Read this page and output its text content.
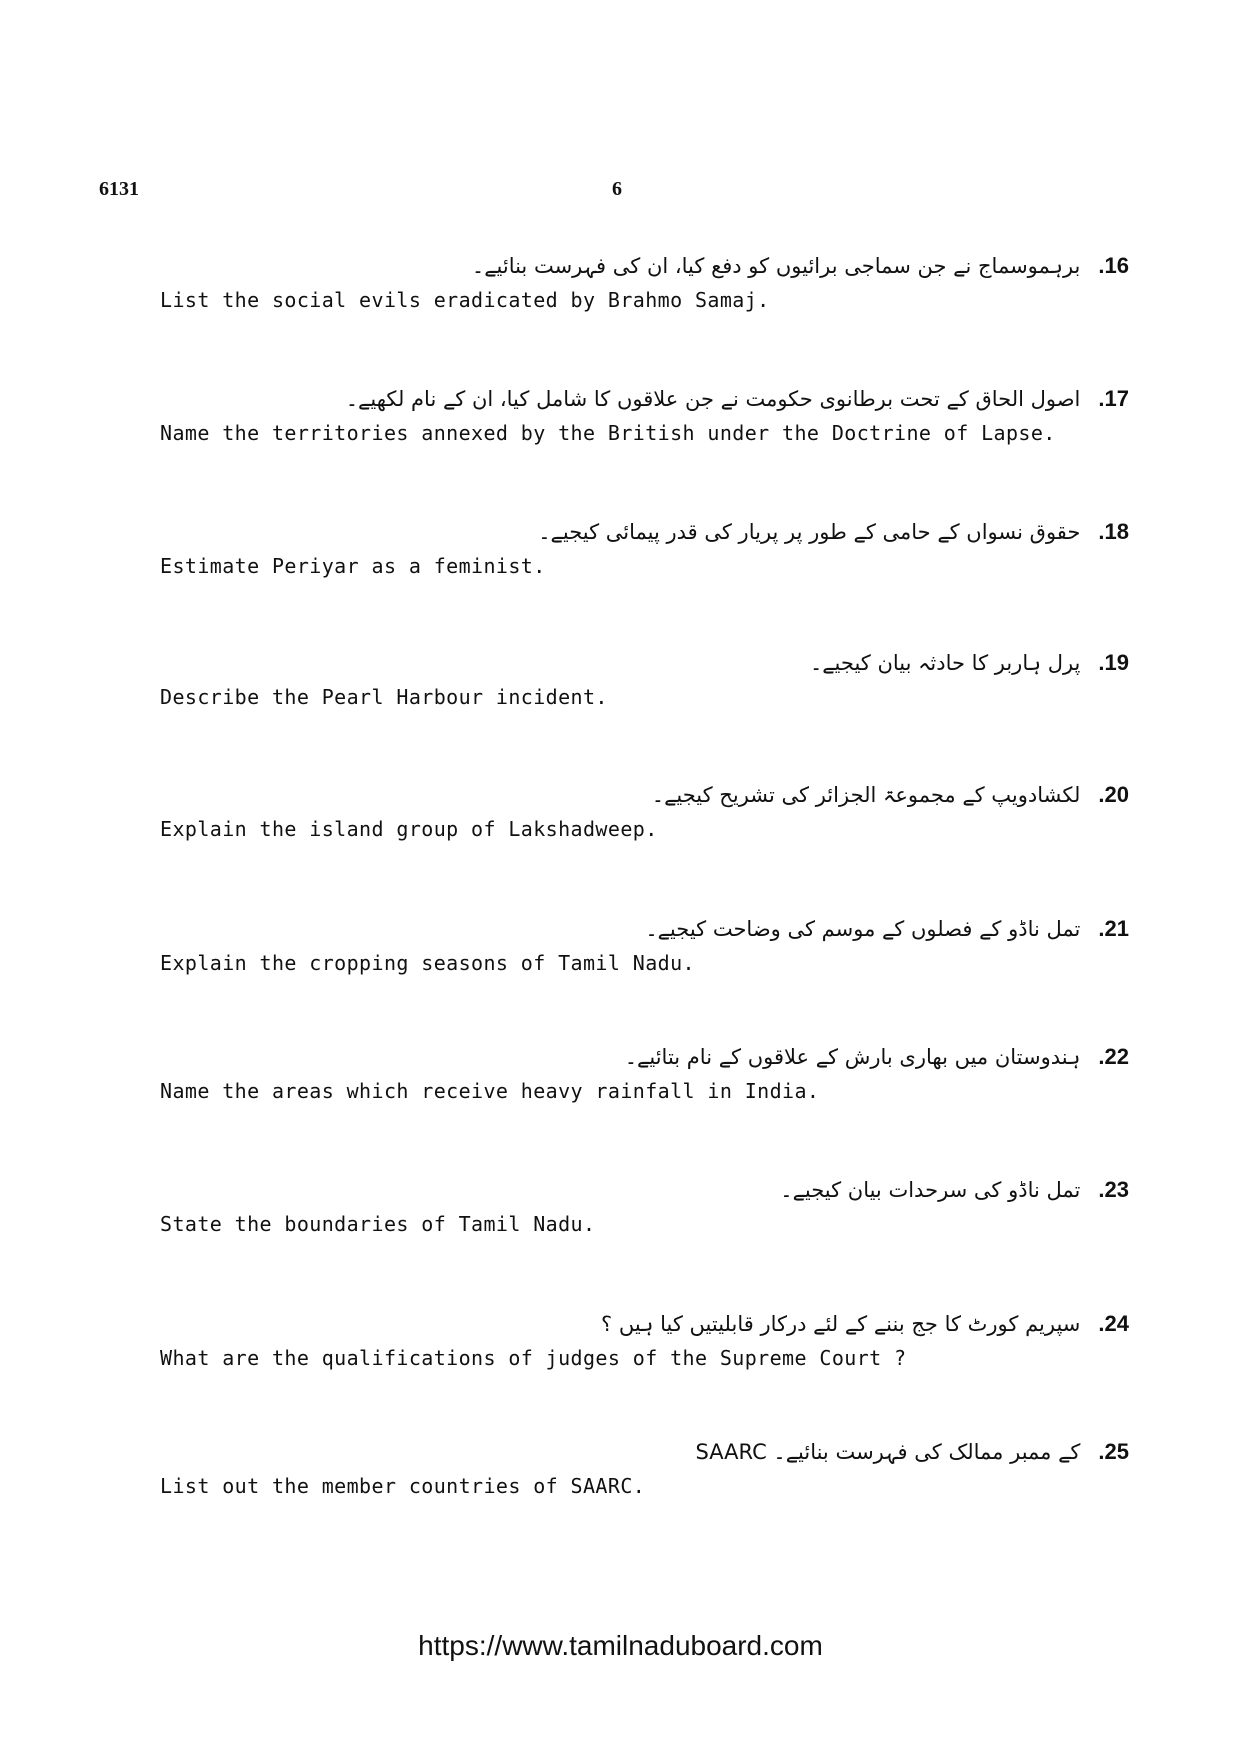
6131	6
برہموسماج نے جن سماجی برائیوں کو دفع کیا، ان کی فہرست بنائیے۔ .16
List the social evils eradicated by Brahmo Samaj.
اصول الحاق کے تحت برطانوی حکومت نے جن علاقوں کا شامل کیا، ان کے نام لکھیے۔ .17
Name the territories annexed by the British under the Doctrine of Lapse.
حقوق نسواں کے حامی کے طور پر پریار کی قدر پیمائی کیجیے۔ .18
Estimate Periyar as a feminist.
پرل ہاربر کا حادثہ بیان کیجیے۔ .19
Describe the Pearl Harbour incident.
لکشادویپ کے مجموعۃ الجزائر کی تشریح کیجیے۔ .20
Explain the island group of Lakshadweep.
تمل ناڈو کے فصلوں کے موسم کی وضاحت کیجیے۔ .21
Explain the cropping seasons of Tamil Nadu.
ہندوستان میں بھاری بارش کے علاقوں کے نام بتائیے۔ .22
Name the areas which receive heavy rainfall in India.
تمل ناڈو کی سرحدات بیان کیجیے۔ .23
State the boundaries of Tamil Nadu.
سپریم کورٹ کا جج بننے کے لئے درکار قابلیتیں کیا ہیں ؟ .24
What are the qualifications of judges of the Supreme Court ?
SAARC کے ممبر ممالک کی فہرست بنائیے۔ .25
List out the member countries of SAARC.
https://www.tamilnaduboard.com
